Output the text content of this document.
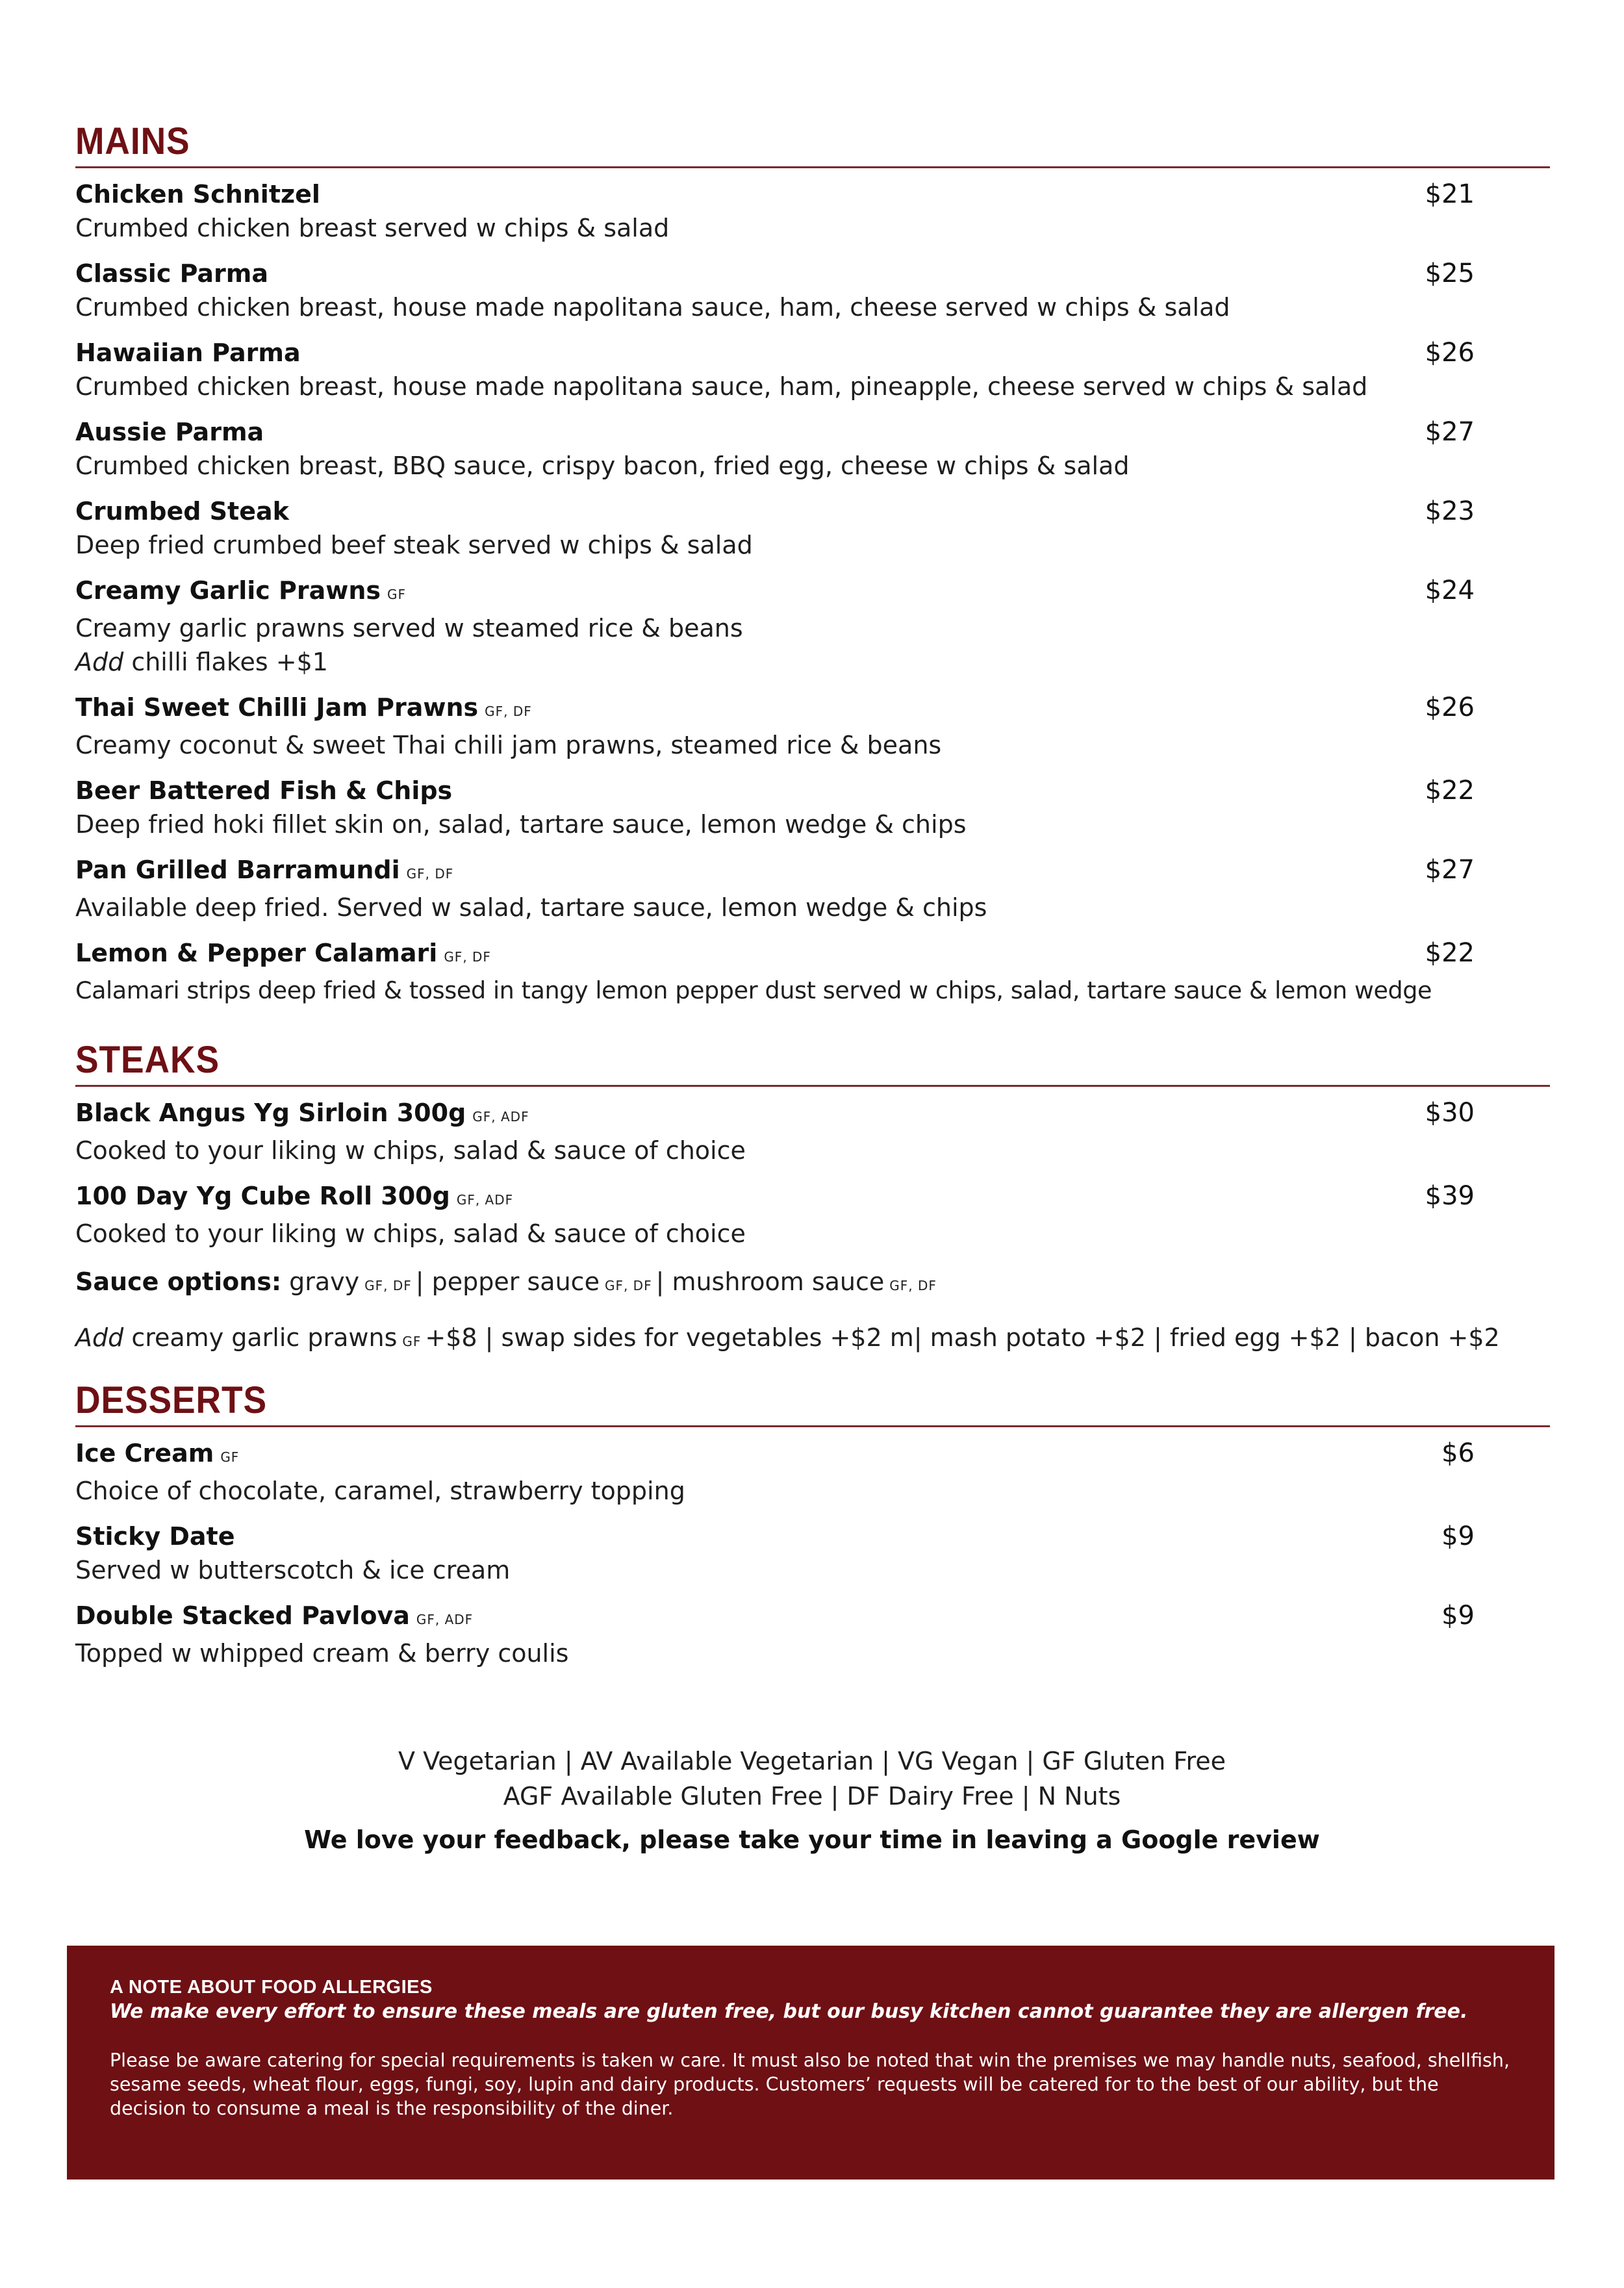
MAINS
Chicken Schnitzel	$21
Crumbed chicken breast served w chips & salad
Classic Parma	$25
Crumbed chicken breast, house made napolitana sauce, ham, cheese served w chips & salad
Hawaiian Parma	$26
Crumbed chicken breast, house made napolitana sauce, ham, pineapple, cheese served w chips & salad
Aussie Parma	$27
Crumbed chicken breast, BBQ sauce, crispy bacon, fried egg, cheese w chips & salad
Crumbed Steak	$23
Deep fried crumbed beef steak served w chips & salad
Creamy Garlic Prawns GF	$24
Creamy garlic prawns served w steamed rice & beans
Add chilli flakes +$1
Thai Sweet Chilli Jam Prawns GF, DF	$26
Creamy coconut & sweet Thai chili jam prawns, steamed rice & beans
Beer Battered Fish & Chips	$22
Deep fried hoki fillet skin on, salad, tartare sauce, lemon wedge & chips
Pan Grilled Barramundi GF, DF	$27
Available deep fried. Served w salad, tartare sauce, lemon wedge & chips
Lemon & Pepper Calamari GF, DF	$22
Calamari strips deep fried & tossed in tangy lemon pepper dust served w chips, salad, tartare sauce & lemon wedge
STEAKS
Black Angus Yg Sirloin 300g GF, ADF	$30
Cooked to your liking w chips, salad & sauce of choice
100 Day Yg Cube Roll 300g GF, ADF	$39
Cooked to your liking w chips, salad & sauce of choice
Sauce options: gravy GF, DF | pepper sauce GF, DF | mushroom sauce GF, DF
Add creamy garlic prawns GF +$8 | swap sides for vegetables +$2 m| mash potato +$2 | fried egg +$2 | bacon +$2
DESSERTS
Ice Cream GF	$6
Choice of chocolate, caramel, strawberry topping
Sticky Date	$9
Served w butterscotch & ice cream
Double Stacked Pavlova GF, ADF	$9
Topped w whipped cream & berry coulis
V Vegetarian | AV Available Vegetarian | VG Vegan | GF Gluten Free
AGF Available Gluten Free | DF Dairy Free | N Nuts
We love your feedback, please take your time in leaving a Google review
A NOTE ABOUT FOOD ALLERGIES
We make every effort to ensure these meals are gluten free, but our busy kitchen cannot guarantee they are allergen free.
Please be aware catering for special requirements is taken w care. It must also be noted that win the premises we may handle nuts, seafood, shellfish, sesame seeds, wheat flour, eggs, fungi, soy, lupin and dairy products. Customers’ requests will be catered for to the best of our ability, but the decision to consume a meal is the responsibility of the diner.
